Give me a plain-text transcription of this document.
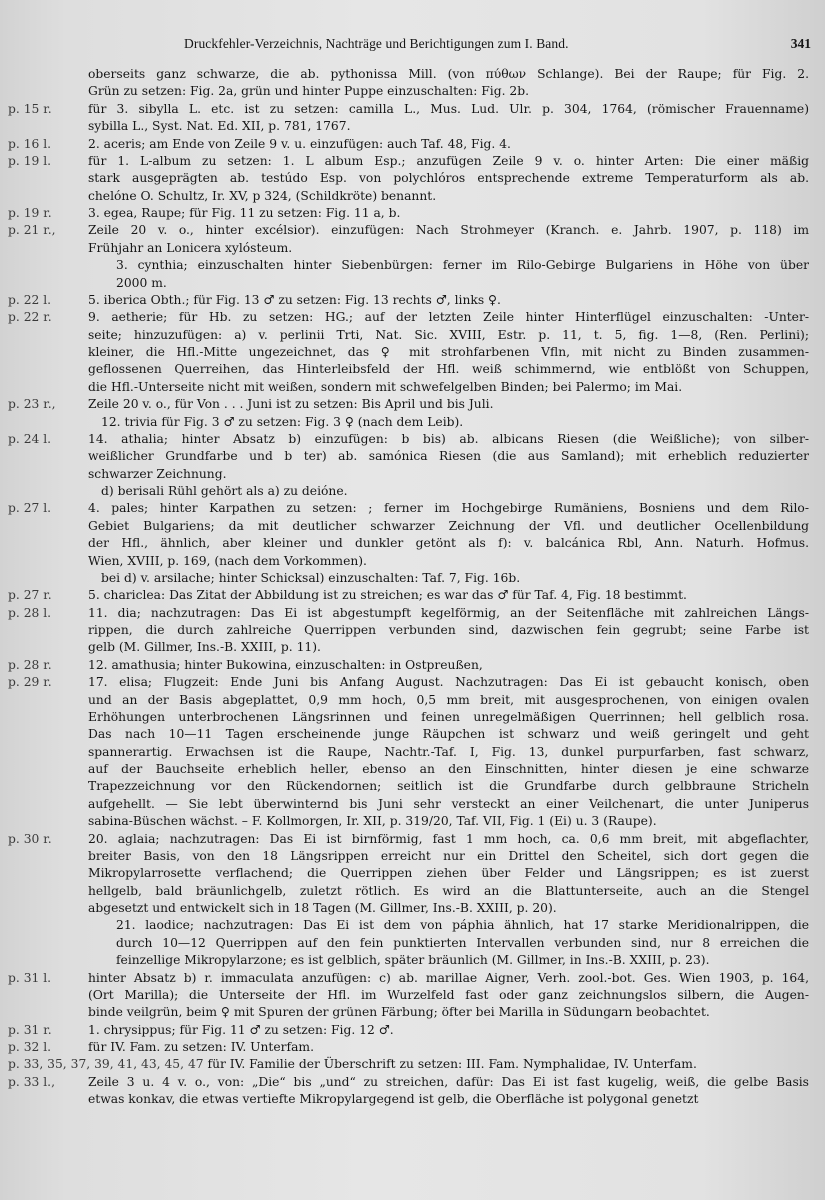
Druckfehler-Verzeichnis, Nachträge und Berichtigungen zum I. Band.	341
oberseits ganz schwarze, die ab. pythonissa Mill. (von πύθων Schlange). Bei der Raupe; für Fig. 2.
Grün zu setzen: Fig. 2a, grün und hinter Puppe einzuschalten: Fig. 2b.
p. 15 r.	für 3. sibylla L. etc. ist zu setzen: camilla L., Mus. Lud. Ulr. p. 304, 1764, (römischer Frauenname)
sybilla L., Syst. Nat. Ed. XII, p. 781, 1767.
p. 16 l.	2. aceris; am Ende von Zeile 9 v. u. einzufügen: auch Taf. 48, Fig. 4.
p. 19 l.	für 1. L-album zu setzen: 1. L album Esp.; anzufügen Zeile 9 v. o. hinter Arten: Die einer mäßig
stark ausgeprägten ab. testúdo Esp. von polychlóros entsprechende extreme Temperaturform als ab.
chelóne O. Schultz, Ir. XV, p 324, (Schildkröte) benannt.
p. 19 r.	3. egea, Raupe; für Fig. 11 zu setzen: Fig. 11 a, b.
p. 21 r.,	Zeile 20 v. o., hinter excélsior). einzufügen: Nach Strohmeyer (Kranch. e. Jahrb. 1907, p. 118) im
Frühjahr an Lonicera xylósteum.
3. cynthia; einzuschalten hinter Siebenbürgen: ferner im Rilo-Gebirge Bulgariens in Höhe von über
2000 m.
p. 22 l.	5. iberica Obth.; für Fig. 13 ♂ zu setzen: Fig. 13 rechts ♂, links ♀.
p. 22 r.	9. aetherie; für Hb. zu setzen: HG.; auf der letzten Zeile hinter Hinterflügel einzuschalten: -Unter-
seite; hinzuzufügen: a) v. perlinii Trti, Nat. Sic. XVIII, Estr. p. 11, t. 5, fig. 1—8, (Ren. Perlini);
kleiner, die Hfl.-Mitte ungezeichnet, das ♀ mit strohfarbenen Vfln, mit nicht zu Binden zusammen-
geflossenen Querreihen, das Hinterleibsfeld der Hfl. weiß schimmernd, wie entblößt von Schuppen,
die Hfl.-Unterseite nicht mit weißen, sondern mit schwefelgelben Binden; bei Palermo; im Mai.
p. 23 r.,	Zeile 20 v. o., für Von . . . Juni ist zu setzen: Bis April und bis Juli.
12. trivia für Fig. 3 ♂ zu setzen: Fig. 3 ♀ (nach dem Leib).
p. 24 l.	14. athalia; hinter Absatz b) einzufügen: b bis) ab. albicans Riesen (die Weißliche); von silber-
weißlicher Grundfarbe und b ter) ab. samónica Riesen (die aus Samland); mit erheblich reduzierter
schwarzer Zeichnung.
d) berisali Rühl gehört als a) zu deióne.
p. 27 l.	4. pales; hinter Karpathen zu setzen: ; ferner im Hochgebirge Rumäniens, Bosniens und dem Rilo-
Gebiet Bulgariens; da mit deutlicher schwarzer Zeichnung der Vfl. und deutlicher Ocellenbildung
der Hfl., ähnlich, aber kleiner und dunkler getönt als f): v. balcánica Rbl, Ann. Naturh. Hofmus.
Wien, XVIII, p. 169, (nach dem Vorkommen).
bei d) v. arsilache; hinter Schicksal) einzuschalten: Taf. 7, Fig. 16b.
p. 27 r.	5. chariclea: Das Zitat der Abbildung ist zu streichen; es war das ♂ für Taf. 4, Fig. 18 bestimmt.
p. 28 l.	11. dia; nachzutragen: Das Ei ist abgestumpft kegelförmig, an der Seitenfläche mit zahlreichen Längs-
rippen, die durch zahlreiche Querrippen verbunden sind, dazwischen fein gegrubt; seine Farbe ist
gelb (M. Gillmer, Ins.-B. XXIII, p. 11).
p. 28 r.	12. amathusia; hinter Bukowina, einzuschalten: in Ostpreußen,
p. 29 r.	17. elisa; Flugzeit: Ende Juni bis Anfang August. Nachzutragen: Das Ei ist gebaucht konisch, oben
und an der Basis abgeplattet, 0,9 mm hoch, 0,5 mm breit, mit ausgesprochenen, von einigen ovalen
Erhöhungen unterbrochenen Längsrinnen und feinen unregelmäßigen Querrinnen; hell gelblich rosa.
Das nach 10—11 Tagen erscheinende junge Räupchen ist schwarz und weiß geringelt und geht
spannerartig. Erwachsen ist die Raupe, Nachtr.-Taf. I, Fig. 13, dunkel purpurfarben, fast schwarz,
auf der Bauchseite erheblich heller, ebenso an den Einschnitten, hinter diesen je eine schwarze
Trapezzeichnung vor den Rückendornen; seitlich ist die Grundfarbe durch gelbbraune Stricheln
aufgehellt. — Sie lebt überwinternd bis Juni sehr versteckt an einer Veilchenart, die unter Juniperus
sabina-Büschen wächst. – F. Kollmorgen, Ir. XII, p. 319/20, Taf. VII, Fig. 1 (Ei) u. 3 (Raupe).
p. 30 r.	20. aglaia; nachzutragen: Das Ei ist birnförmig, fast 1 mm hoch, ca. 0,6 mm breit, mit abgeflachter,
breiter Basis, von den 18 Längsrippen erreicht nur ein Drittel den Scheitel, sich dort gegen die
Mikropylarrosette verflachend; die Querrippen ziehen über Felder und Längsrippen; es ist zuerst
hellgelb, bald bräunlichgelb, zuletzt rötlich. Es wird an die Blattunterseite, auch an die Stengel
abgesetzt und entwickelt sich in 18 Tagen (M. Gillmer, Ins.-B. XXIII, p. 20).
21. laodice; nachzutragen: Das Ei ist dem von páphia ähnlich, hat 17 starke Meridionalrippen, die
durch 10—12 Querrippen auf den fein punktierten Intervallen verbunden sind, nur 8 erreichen die
feinzellige Mikropylarzone; es ist gelblich, später bräunlich (M. Gillmer, in Ins.-B. XXIII, p. 23).
p. 31 l.	hinter Absatz b) r. immaculata anzufügen: c) ab. marillae Aigner, Verh. zool.-bot. Ges. Wien 1903, p. 164,
(Ort Marilla); die Unterseite der Hfl. im Wurzelfeld fast oder ganz zeichnungslos silbern, die Augen-
binde veilgrün, beim ♀ mit Spuren der grünen Färbung; öfter bei Marilla in Südungarn beobachtet.
p. 31 r.	1. chrysippus; für Fig. 11 ♂ zu setzen: Fig. 12 ♂.
p. 32 l.	für IV. Fam. zu setzen: IV. Unterfam.
p. 33, 35, 37, 39, 41, 43, 45, 47 für IV. Familie der Überschrift zu setzen: III. Fam. Nymphalidae, IV. Unterfam.
p. 33 l.,	Zeile 3 u. 4 v. o., von: „Die“ bis „und“ zu streichen, dafür: Das Ei ist fast kugelig, weiß, die gelbe Basis
etwas konkav, die etwas vertiefte Mikropylargegend ist gelb, die Oberfläche ist polygonal genetzt
